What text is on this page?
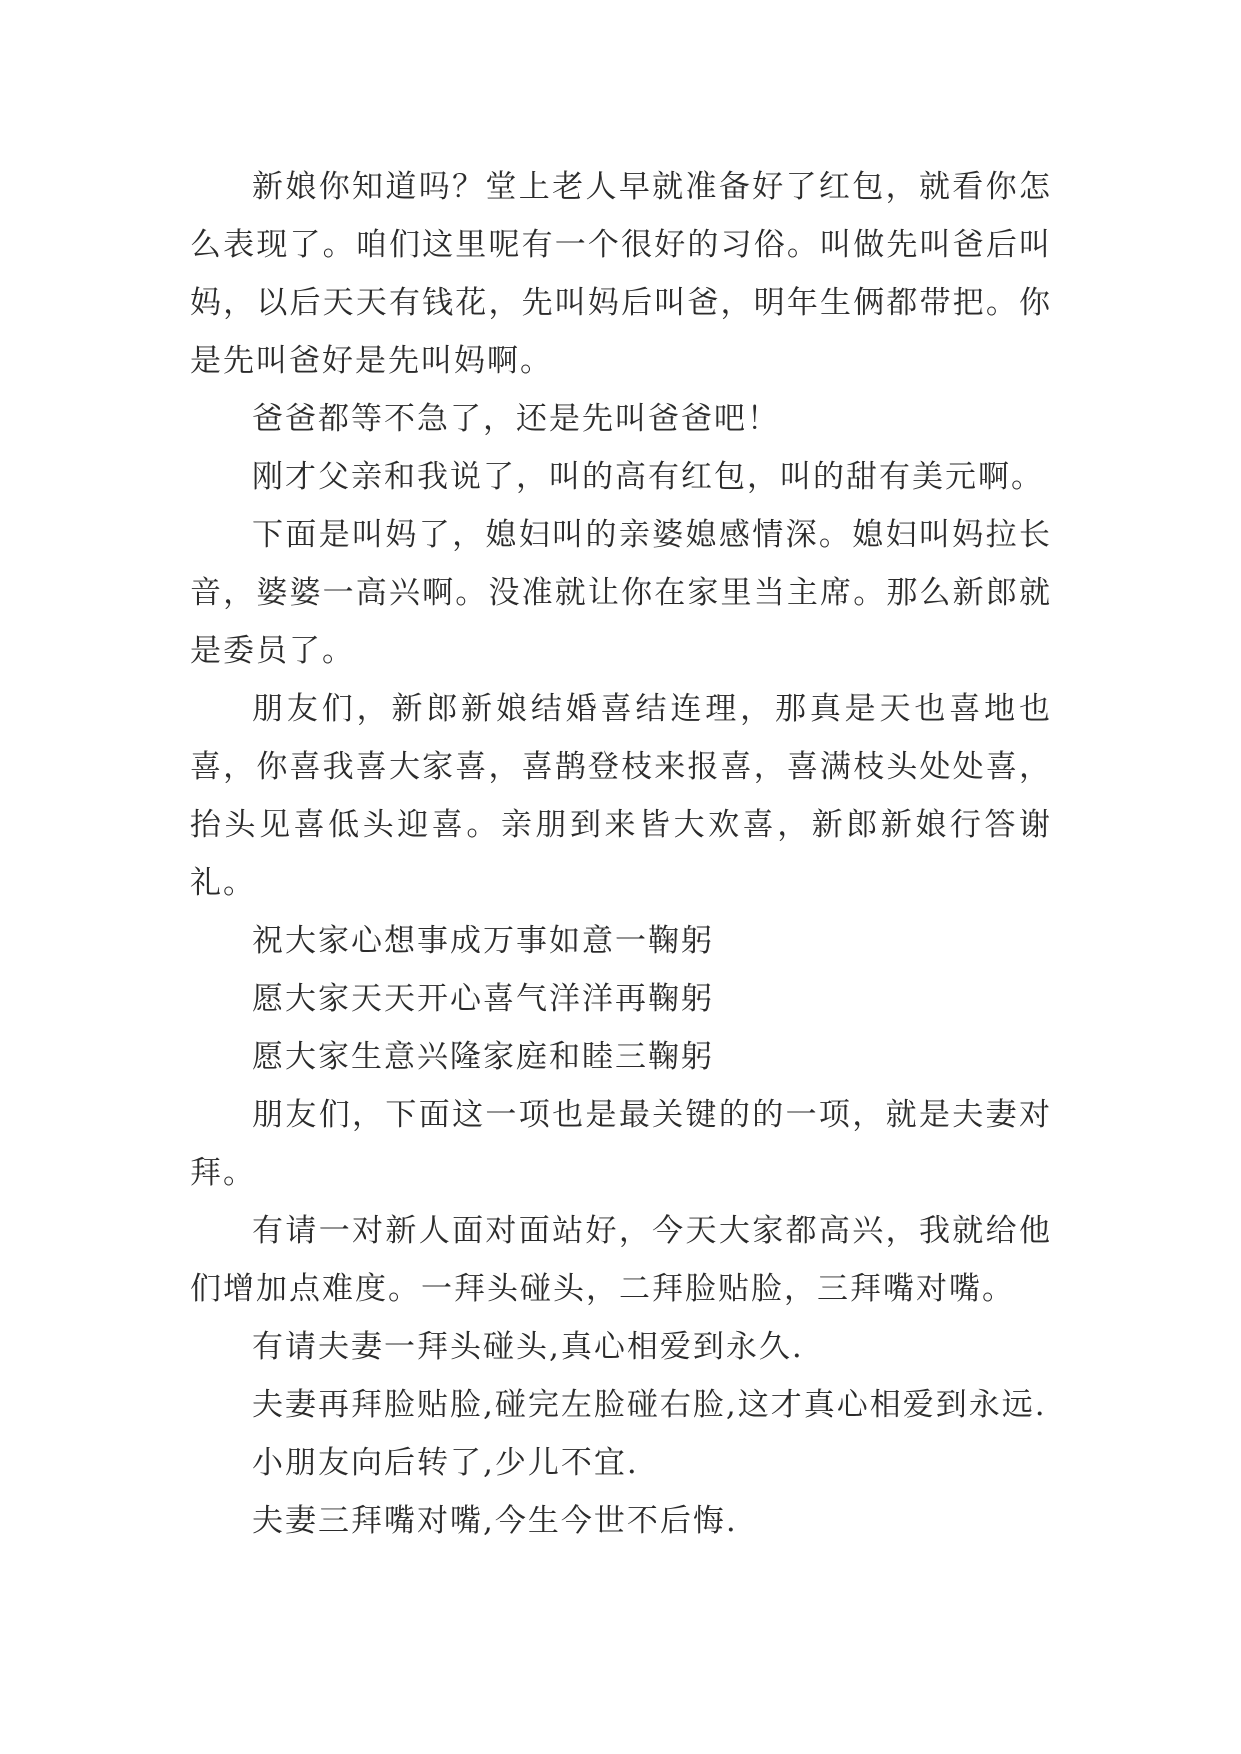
新娘你知道吗？堂上老人早就准备好了红包，就看你怎么表现了。咱们这里呢有一个很好的习俗。叫做先叫爸后叫妈，以后天天有钱花，先叫妈后叫爸，明年生俩都带把。你是先叫爸好是先叫妈啊。

爸爸都等不急了，还是先叫爸爸吧！

刚才父亲和我说了，叫的高有红包，叫的甜有美元啊。

下面是叫妈了，媳妇叫的亲婆媳感情深。媳妇叫妈拉长音，婆婆一高兴啊。没准就让你在家里当主席。那么新郎就是委员了。

朋友们，新郎新娘结婚喜结连理，那真是天也喜地也喜，你喜我喜大家喜，喜鹊登枝来报喜，喜满枝头处处喜，抬头见喜低头迎喜。亲朋到来皆大欢喜，新郎新娘行答谢礼。

祝大家心想事成万事如意一鞠躬

愿大家天天开心喜气洋洋再鞠躬

愿大家生意兴隆家庭和睦三鞠躬

朋友们，下面这一项也是最关键的的一项，就是夫妻对拜。

有请一对新人面对面站好，今天大家都高兴，我就给他们增加点难度。一拜头碰头，二拜脸贴脸，三拜嘴对嘴。

有请夫妻一拜头碰头,真心相爱到永久.

夫妻再拜脸贴脸,碰完左脸碰右脸,这才真心相爱到永远.

小朋友向后转了,少儿不宜.

夫妻三拜嘴对嘴,今生今世不后悔.
